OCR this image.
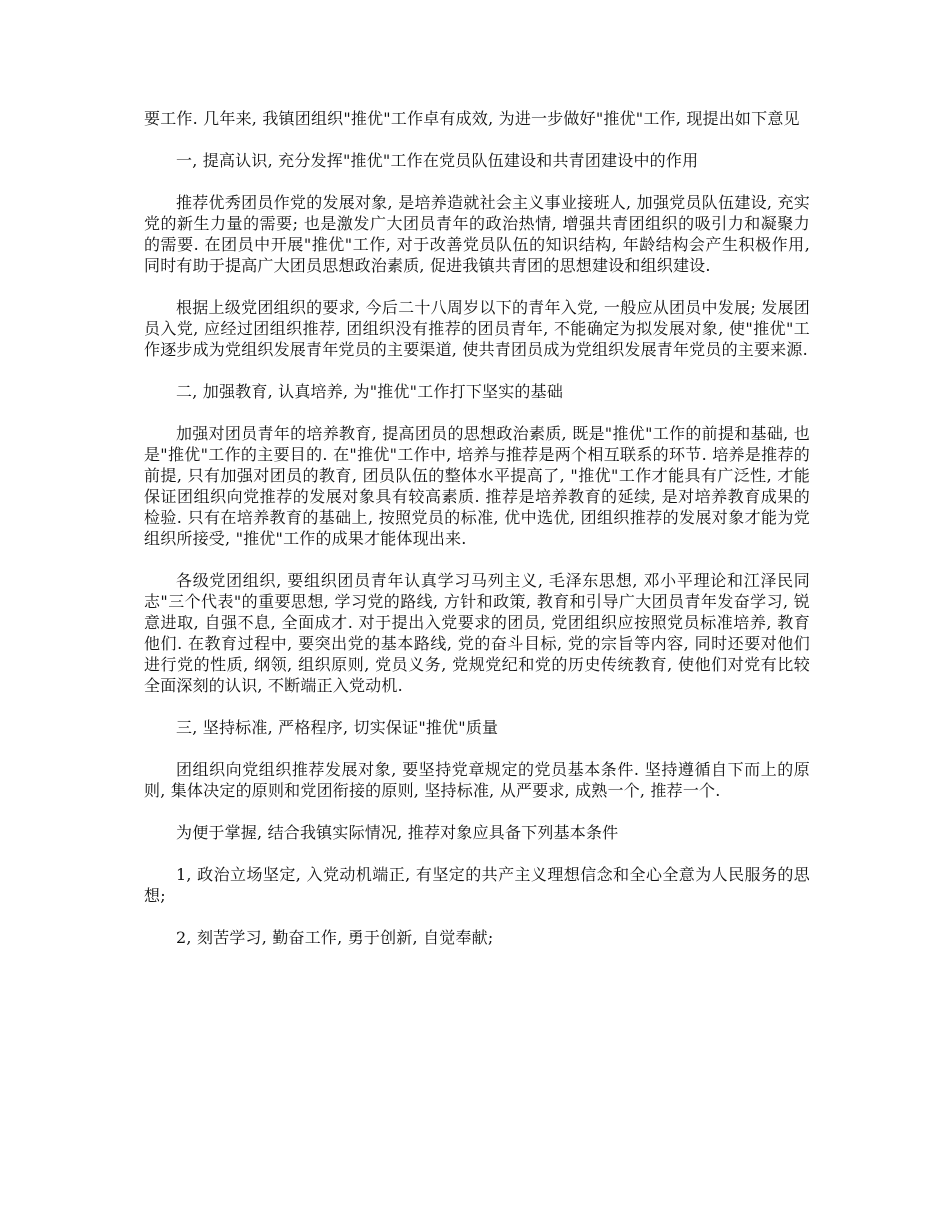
要工作. 几年来, 我镇团组织"推优"工作卓有成效, 为进一步做好"推优"工作, 现提出如下意见

一, 提高认识, 充分发挥"推优"工作在党员队伍建设和共青团建设中的作用

推荐优秀团员作党的发展对象, 是培养造就社会主义事业接班人, 加强党员队伍建设, 充实党的新生力量的需要; 也是激发广大团员青年的政治热情, 增强共青团组织的吸引力和凝聚力的需要. 在团员中开展"推优"工作, 对于改善党员队伍的知识结构, 年龄结构会产生积极作用, 同时有助于提高广大团员思想政治素质, 促进我镇共青团的思想建设和组织建设.

根据上级党团组织的要求, 今后二十八周岁以下的青年入党, 一般应从团员中发展; 发展团员入党, 应经过团组织推荐, 团组织没有推荐的团员青年, 不能确定为拟发展对象, 使"推优"工作逐步成为党组织发展青年党员的主要渠道, 使共青团员成为党组织发展青年党员的主要来源.

二, 加强教育, 认真培养, 为"推优"工作打下坚实的基础

加强对团员青年的培养教育, 提高团员的思想政治素质, 既是"推优"工作的前提和基础, 也是"推优"工作的主要目的. 在"推优"工作中, 培养与推荐是两个相互联系的环节. 培养是推荐的前提, 只有加强对团员的教育, 团员队伍的整体水平提高了, "推优"工作才能具有广泛性, 才能保证团组织向党推荐的发展对象具有较高素质. 推荐是培养教育的延续, 是对培养教育成果的检验. 只有在培养教育的基础上, 按照党员的标准, 优中选优, 团组织推荐的发展对象才能为党组织所接受, "推优"工作的成果才能体现出来.

各级党团组织, 要组织团员青年认真学习马列主义, 毛泽东思想, 邓小平理论和江泽民同志"三个代表"的重要思想, 学习党的路线, 方针和政策, 教育和引导广大团员青年发奋学习, 锐意进取, 自强不息, 全面成才. 对于提出入党要求的团员, 党团组织应按照党员标准培养, 教育他们. 在教育过程中, 要突出党的基本路线, 党的奋斗目标, 党的宗旨等内容, 同时还要对他们进行党的性质, 纲领, 组织原则, 党员义务, 党规党纪和党的历史传统教育, 使他们对党有比较全面深刻的认识, 不断端正入党动机.

三, 坚持标准, 严格程序, 切实保证"推优"质量

团组织向党组织推荐发展对象, 要坚持党章规定的党员基本条件. 坚持遵循自下而上的原则, 集体决定的原则和党团衔接的原则, 坚持标准, 从严要求, 成熟一个, 推荐一个.

为便于掌握, 结合我镇实际情况, 推荐对象应具备下列基本条件

1, 政治立场坚定, 入党动机端正, 有坚定的共产主义理想信念和全心全意为人民服务的思想;

2, 刻苦学习, 勤奋工作, 勇于创新, 自觉奉献;
